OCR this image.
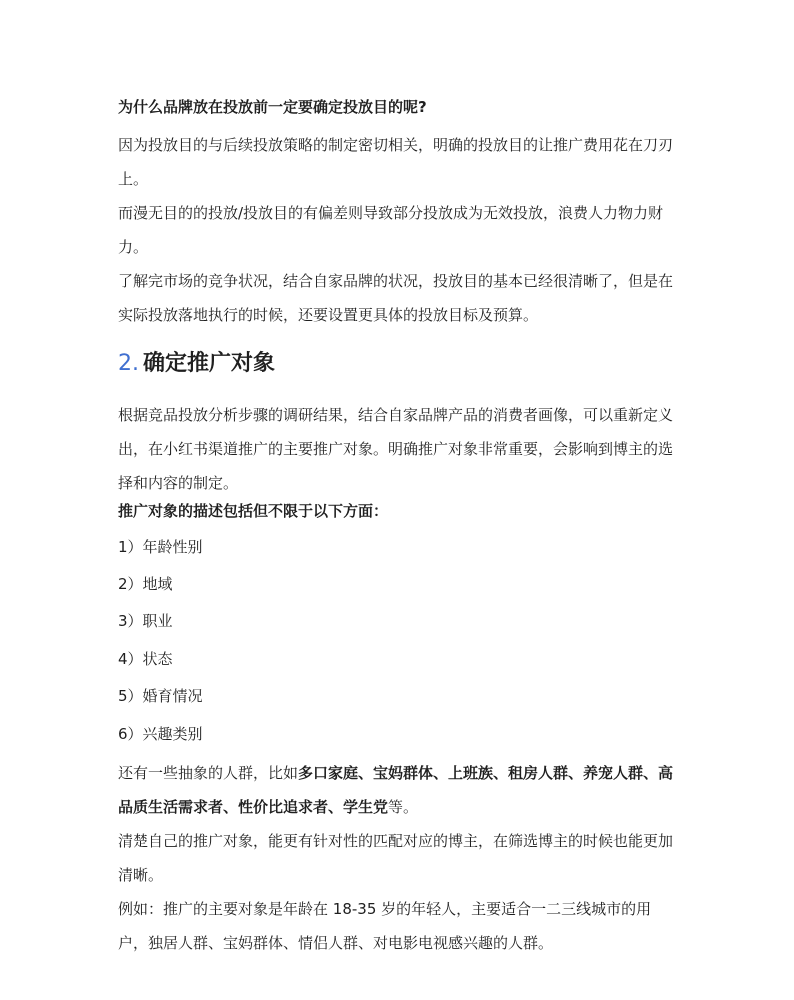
为什么品牌放在投放前一定要确定投放目的呢?

因为投放目的与后续投放策略的制定密切相关，明确的投放目的让推广费用花在刀刃上。

而漫无目的的投放/投放目的有偏差则导致部分投放成为无效投放，浪费人力物力财力。

了解完市场的竞争状况，结合自家品牌的状况，投放目的基本已经很清晰了，但是在实际投放落地执行的时候，还要设置更具体的投放目标及预算。

2. 确定推广对象

根据竞品投放分析步骤的调研结果，结合自家品牌产品的消费者画像，可以重新定义出，在小红书渠道推广的主要推广对象。明确推广对象非常重要，会影响到博主的选择和内容的制定。

推广对象的描述包括但不限于以下方面：

1）年龄性别

2）地域

3）职业

4）状态

5）婚育情况

6）兴趣类别

还有一些抽象的人群，比如多口家庭、宝妈群体、上班族、租房人群、养宠人群、高品质生活需求者、性价比追求者、学生党等。

清楚自己的推广对象，能更有针对性的匹配对应的博主，在筛选博主的时候也能更加清晰。

例如：推广的主要对象是年龄在 18-35 岁的年轻人，主要适合一二三线城市的用户，独居人群、宝妈群体、情侣人群、对电影电视感兴趣的人群。
